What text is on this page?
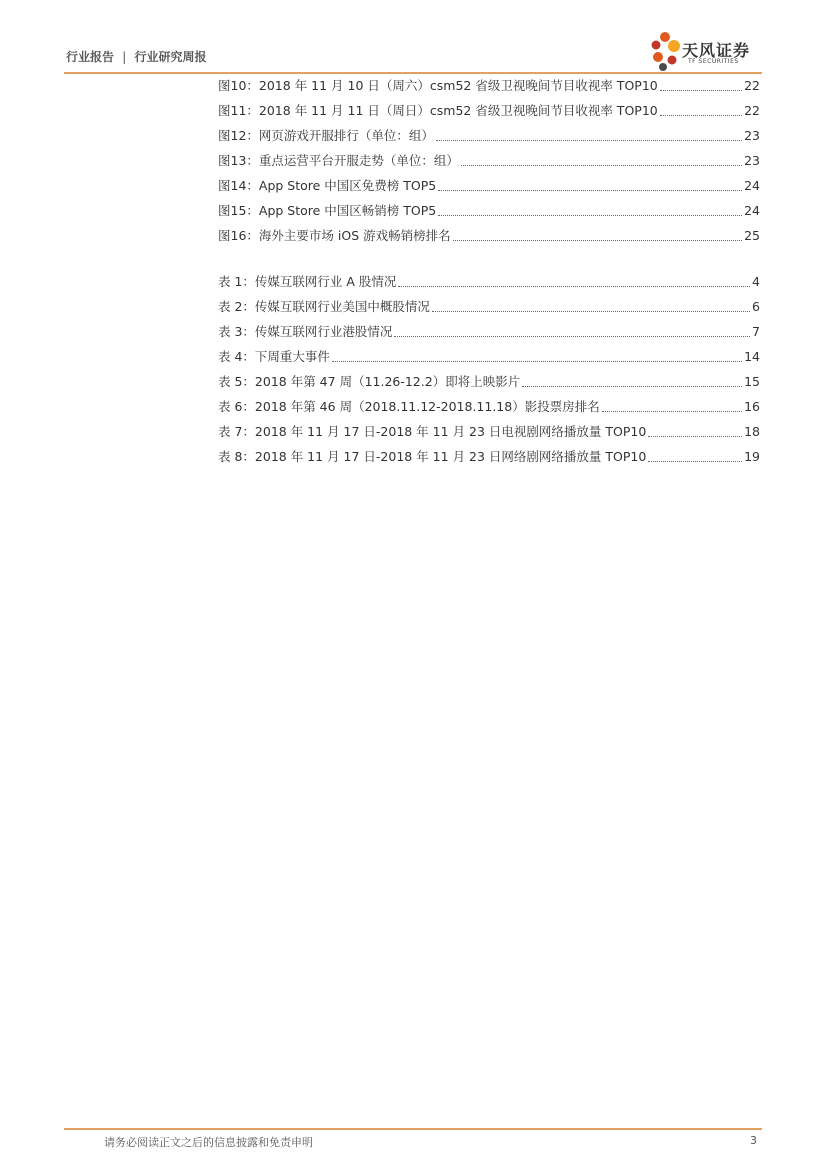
行业报告 | 行业研究周报	天风证券
TF SECURITIES
图10：2018 年 11 月 10 日（周六）csm52 省级卫视晚间节目收视率 TOP10	22
图11：2018 年 11 月 11 日（周日）csm52 省级卫视晚间节目收视率 TOP10	22
图12：网页游戏开服排行（单位：组）	23
图13：重点运营平台开服走势（单位：组）	23
图14：App Store 中国区免费榜 TOP5	24
图15：App Store 中国区畅销榜 TOP5	24
图16：海外主要市场 iOS 游戏畅销榜排名	25
表 1：传媒互联网行业 A 股情况	4
表 2：传媒互联网行业美国中概股情况	6
表 3：传媒互联网行业港股情况	7
表 4：下周重大事件	14
表 5：2018 年第 47 周（11.26-12.2）即将上映影片	15
表 6：2018 年第 46 周（2018.11.12-2018.11.18）影投票房排名	16
表 7：2018 年 11 月 17 日-2018 年 11 月 23 日电视剧网络播放量 TOP10	18
表 8：2018 年 11 月 17 日-2018 年 11 月 23 日网络剧网络播放量 TOP10	19
请务必阅读正文之后的信息披露和免责申明	3
